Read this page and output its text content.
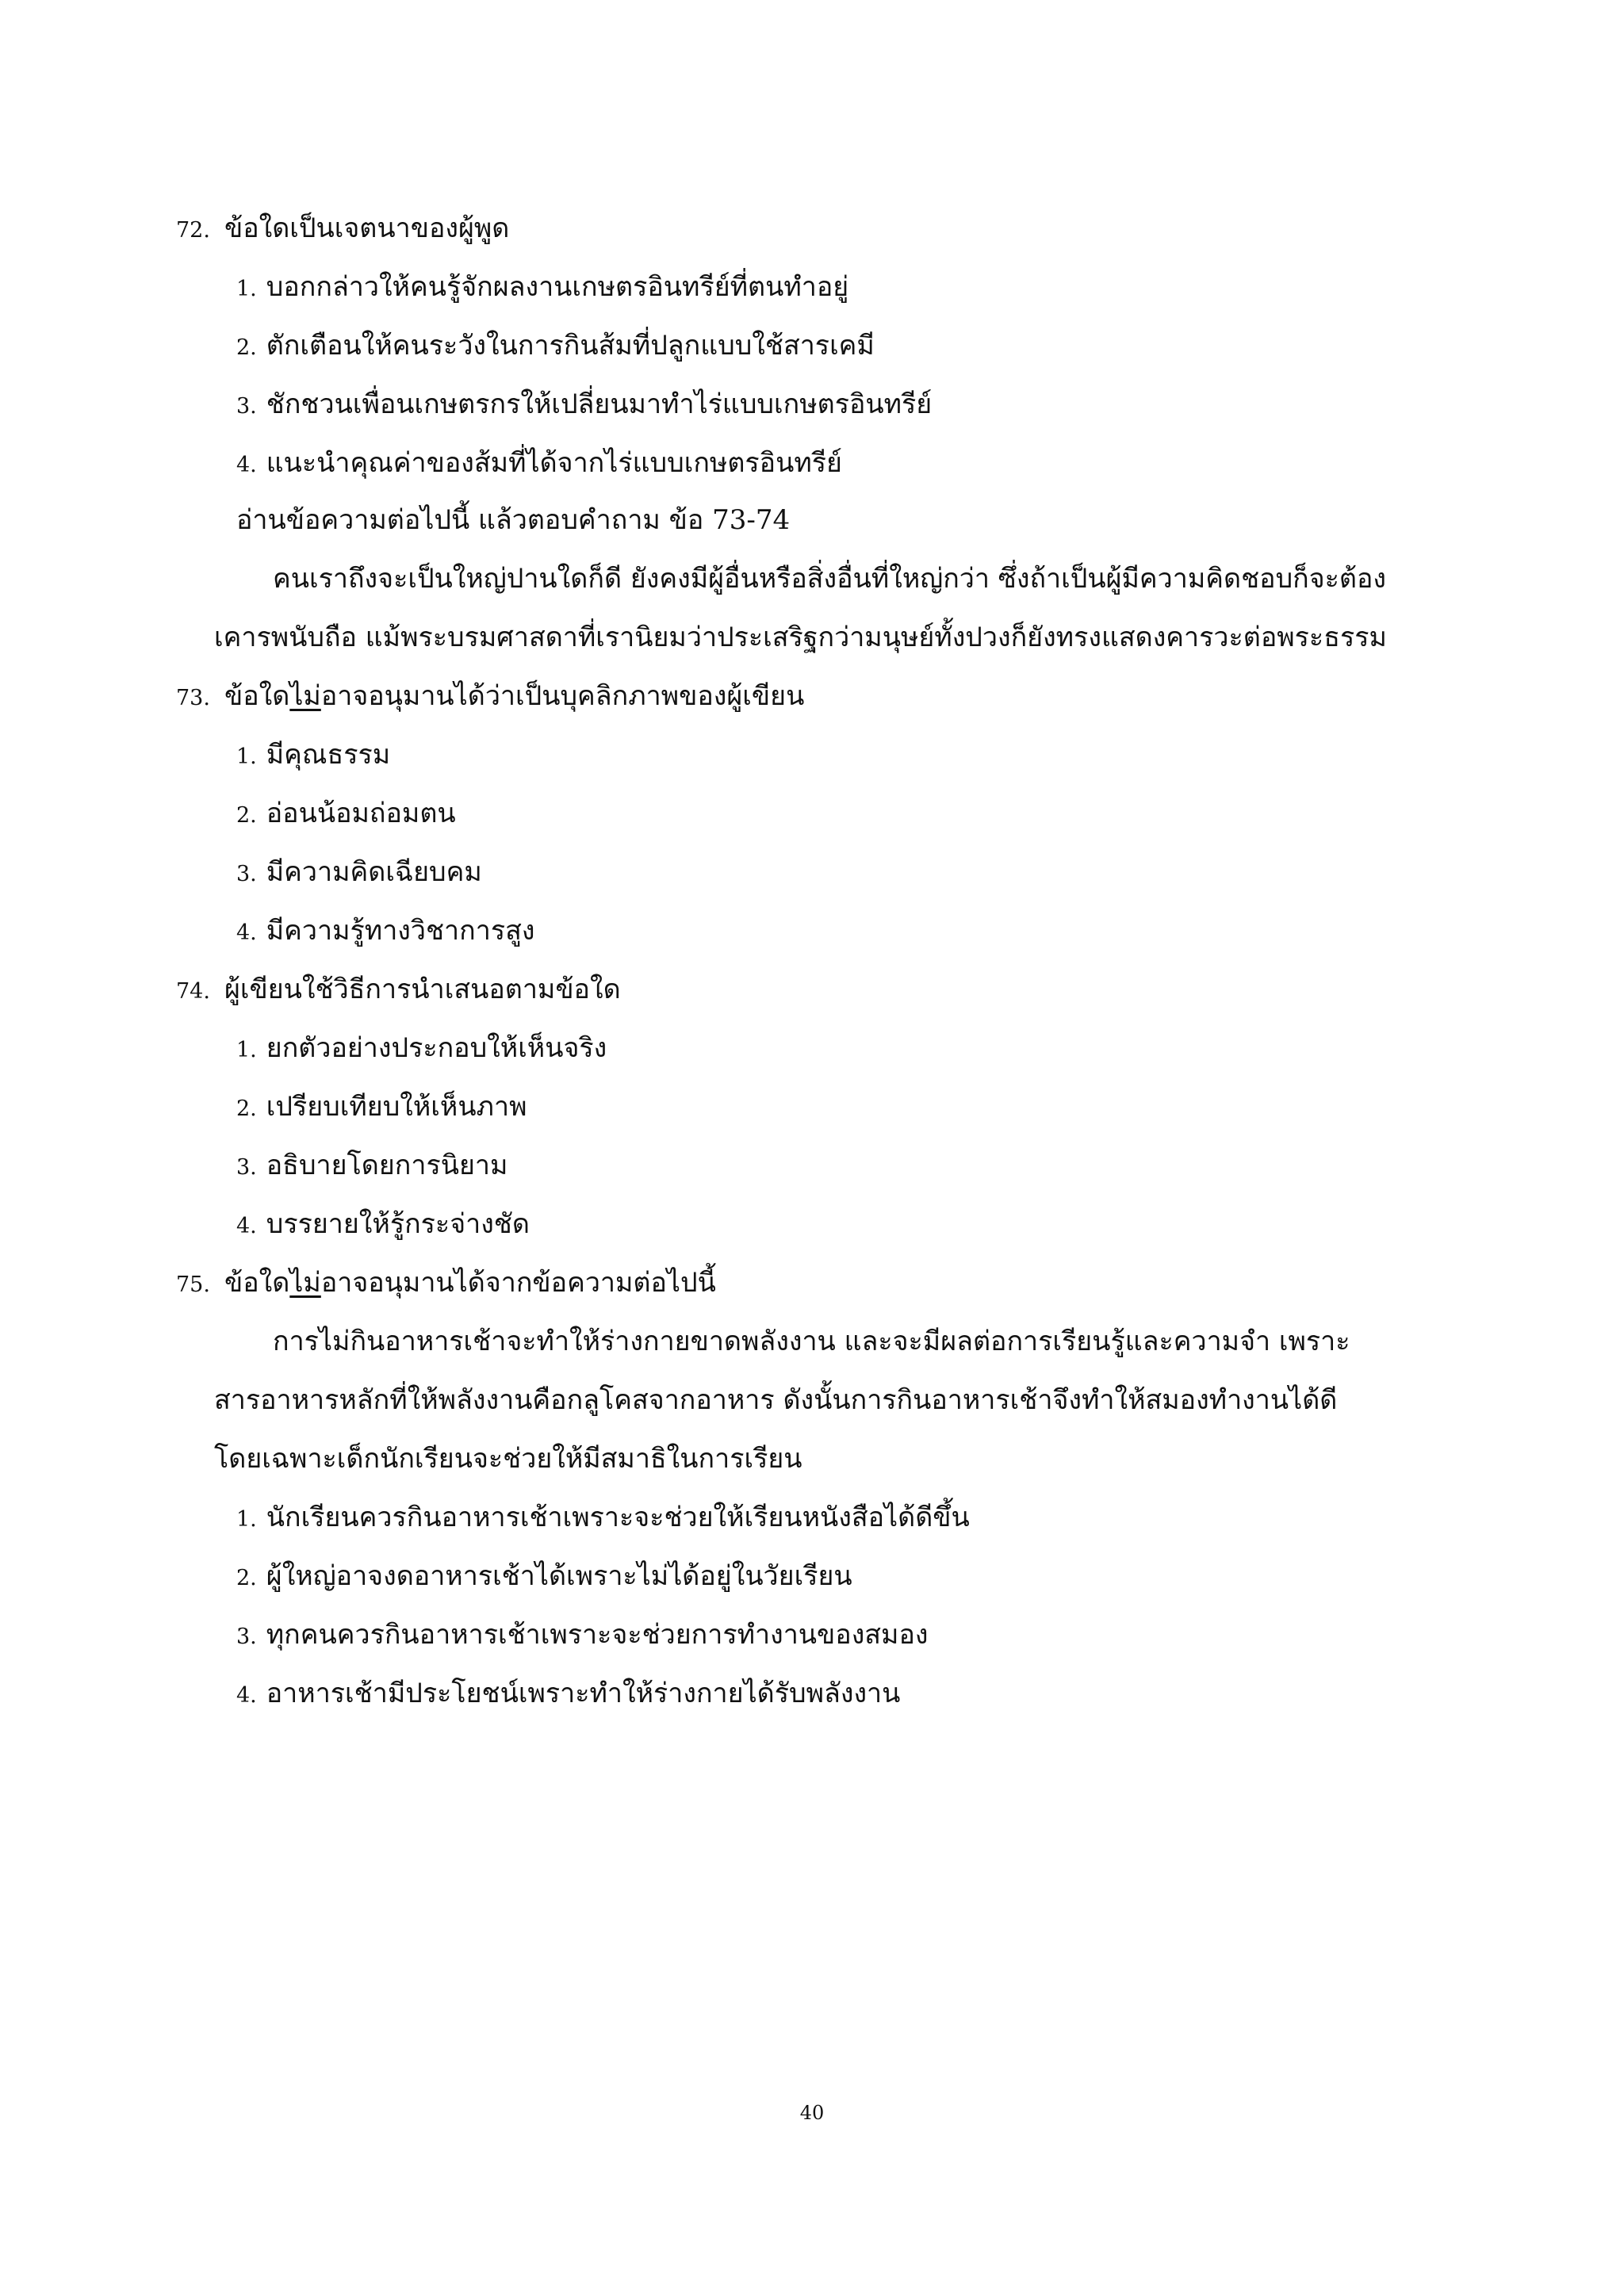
72. ข้อใดเป็นเจตนาของผู้พูด
1. บอกกล่าวให้คนรู้จักผลงานเกษตรอินทรีย์ที่ตนทำอยู่
2. ตักเตือนให้คนระวังในการกินส้มที่ปลูกแบบใช้สารเคมี
3. ชักชวนเพื่อนเกษตรกรให้เปลี่ยนมาทำไร่แบบเกษตรอินทรีย์
4. แนะนำคุณค่าของส้มที่ได้จากไร่แบบเกษตรอินทรีย์
อ่านข้อความต่อไปนี้ แล้วตอบคำถาม ข้อ 73-74
คนเราถึงจะเป็นใหญ่ปานใดก็ดี ยังคงมีผู้อื่นหรือสิ่งอื่นที่ใหญ่กว่า ซึ่งถ้าเป็นผู้มีความคิดชอบก็จะต้อง
เคารพนับถือ แม้พระบรมศาสดาที่เรานิยมว่าประเสริฐกว่ามนุษย์ทั้งปวงก็ยังทรงแสดงคารวะต่อพระธรรม
73. ข้อใดไม่อาจอนุมานได้ว่าเป็นบุคลิกภาพของผู้เขียน
1. มีคุณธรรม
2. อ่อนน้อมถ่อมตน
3. มีความคิดเฉียบคม
4. มีความรู้ทางวิชาการสูง
74. ผู้เขียนใช้วิธีการนำเสนอตามข้อใด
1. ยกตัวอย่างประกอบให้เห็นจริง
2. เปรียบเทียบให้เห็นภาพ
3. อธิบายโดยการนิยาม
4. บรรยายให้รู้กระจ่างชัด
75. ข้อใดไม่อาจอนุมานได้จากข้อความต่อไปนี้
การไม่กินอาหารเช้าจะทำให้ร่างกายขาดพลังงาน และจะมีผลต่อการเรียนรู้และความจำ เพราะ
สารอาหารหลักที่ให้พลังงานคือกลูโคสจากอาหาร ดังนั้นการกินอาหารเช้าจึงทำให้สมองทำงานได้ดี
โดยเฉพาะเด็กนักเรียนจะช่วยให้มีสมาธิในการเรียน
1. นักเรียนควรกินอาหารเช้าเพราะจะช่วยให้เรียนหนังสือได้ดีขึ้น
2. ผู้ใหญ่อาจงดอาหารเช้าได้เพราะไม่ได้อยู่ในวัยเรียน
3. ทุกคนควรกินอาหารเช้าเพราะจะช่วยการทำงานของสมอง
4. อาหารเช้ามีประโยชน์เพราะทำให้ร่างกายได้รับพลังงาน
40
